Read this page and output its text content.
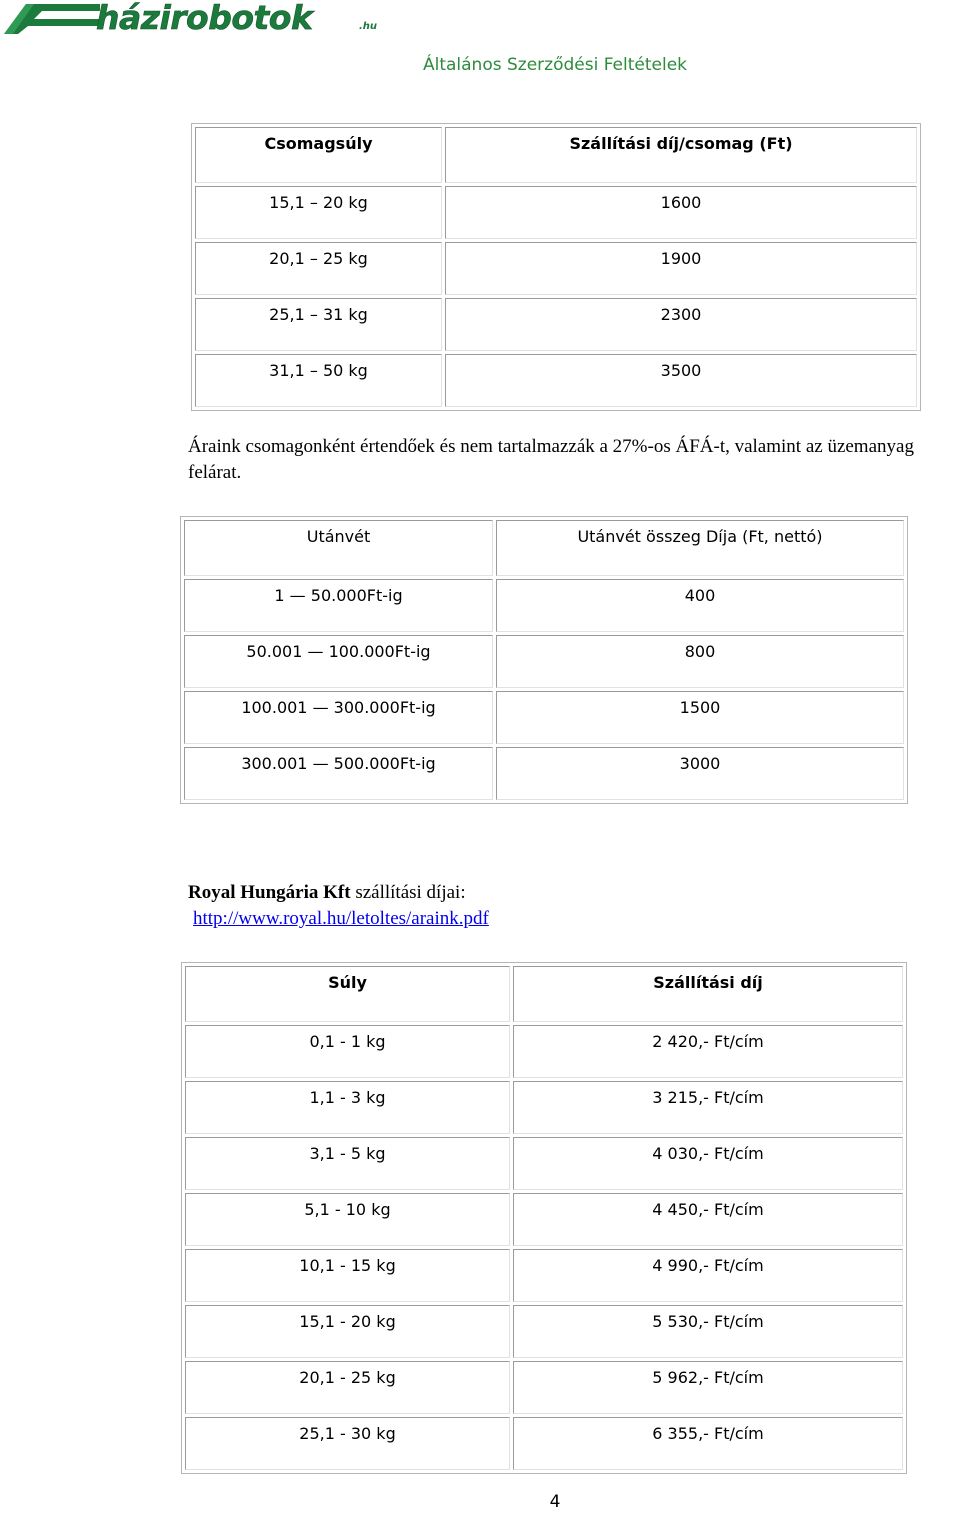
házirobotok	.hu
Általános Szerződési Feltételek
Csomagsúly	Szállítási díj/csomag (Ft)
15,1 – 20 kg	1600
20,1 – 25 kg	1900
25,1 – 31 kg	2300
31,1 – 50 kg	3500
Áraink csomagonként értendőek és nem tartalmazzák a 27%-os ÁFÁ-t, valamint az üzemanyag felárat.
Utánvét	Utánvét összeg Díja (Ft, nettó)
1 — 50.000Ft-ig	400
50.001 — 100.000Ft-ig	800
100.001 — 300.000Ft-ig	1500
300.001 — 500.000Ft-ig	3000
Royal Hungária Kft szállítási díjai:
http://www.royal.hu/letoltes/araink.pdf
Súly	Szállítási díj
0,1 - 1 kg	2 420,- Ft/cím
1,1 - 3 kg	3 215,- Ft/cím
3,1 - 5 kg	4 030,- Ft/cím
5,1 - 10 kg	4 450,- Ft/cím
10,1 - 15 kg	4 990,- Ft/cím
15,1 - 20 kg	5 530,- Ft/cím
20,1 - 25 kg	5 962,- Ft/cím
25,1 - 30 kg	6 355,- Ft/cím
4
